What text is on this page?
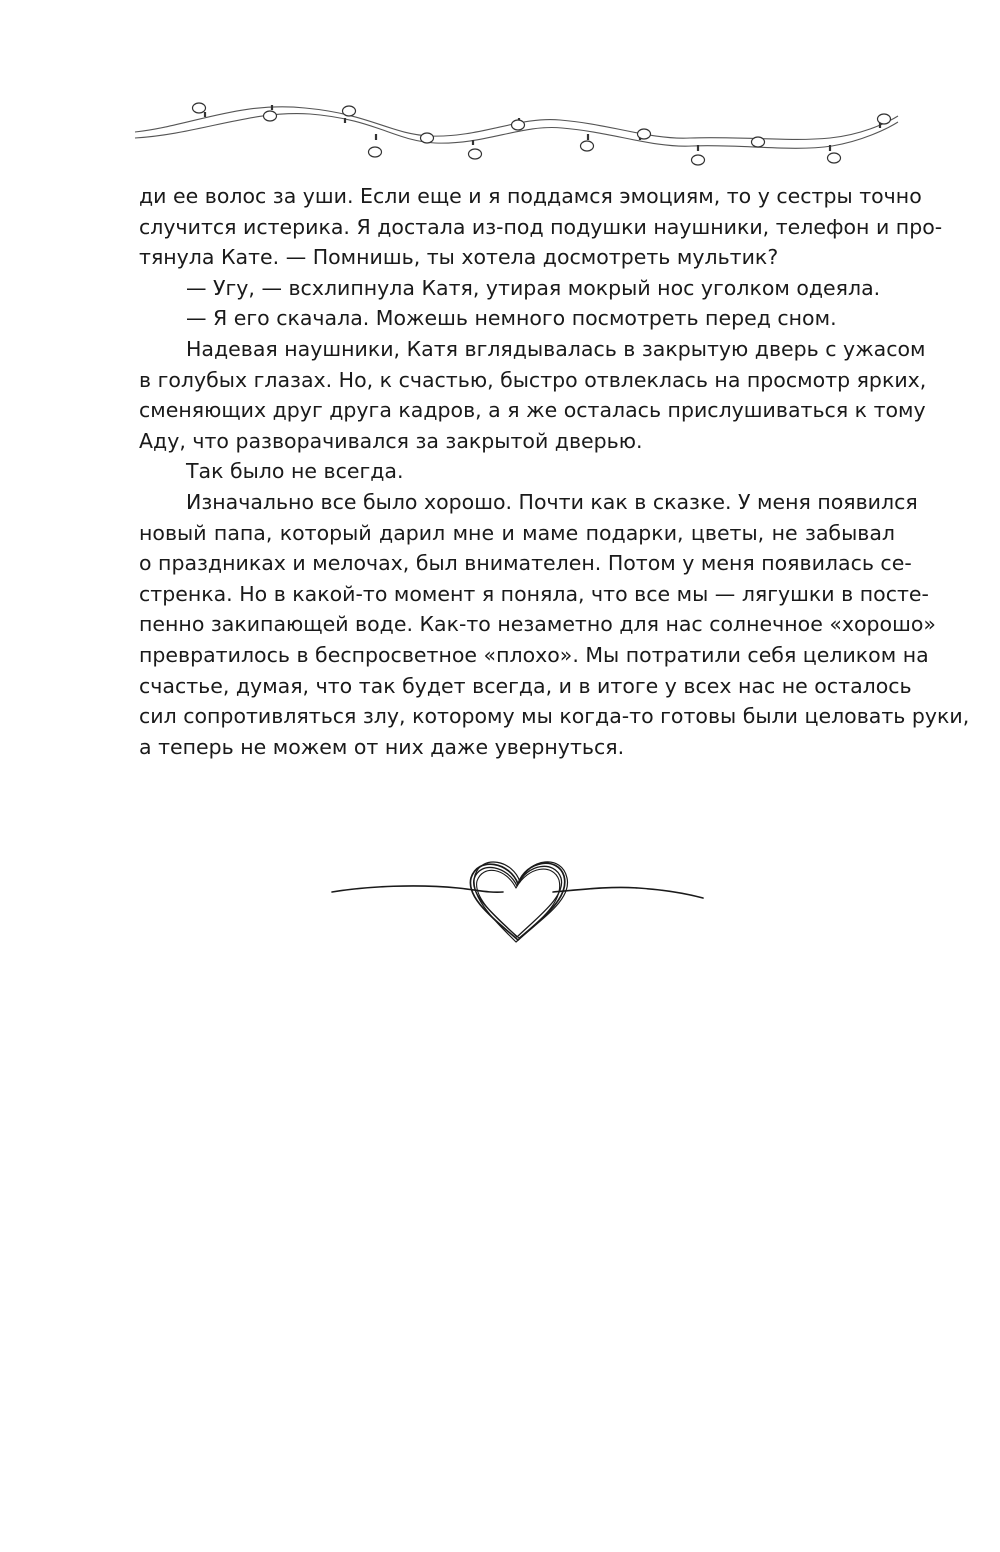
ди ее волос за уши. Если еще и я поддамся эмоциям, то у сестры точно
случится истерика. Я достала из-под подушки наушники, телефон и про-
тянула Кате. — Помнишь, ты хотела досмотреть мультик?
— Угу, — всхлипнула Катя, утирая мокрый нос уголком одеяла.
— Я его скачала. Можешь немного посмотреть перед сном.
Надевая наушники, Катя вглядывалась в закрытую дверь с ужасом
в голубых глазах. Но, к счастью, быстро отвлеклась на просмотр ярких,
сменяющих друг друга кадров, а я же осталась прислушиваться к тому
Аду, что разворачивался за закрытой дверью.
Так было не всегда.
Изначально все было хорошо. Почти как в сказке. У меня появился
новый папа, который дарил мне и маме подарки, цветы, не забывал
о праздниках и мелочах, был внимателен. Потом у меня появилась се-
стренка. Но в какой-то момент я поняла, что все мы — лягушки в посте-
пенно закипающей воде. Как-то незаметно для нас солнечное «хорошо»
превратилось в беспросветное «плохо». Мы потратили себя целиком на
счастье, думая, что так будет всегда, и в итоге у всех нас не осталось
сил сопротивляться злу, которому мы когда-то готовы были целовать руки,
а теперь не можем от них даже увернуться.
